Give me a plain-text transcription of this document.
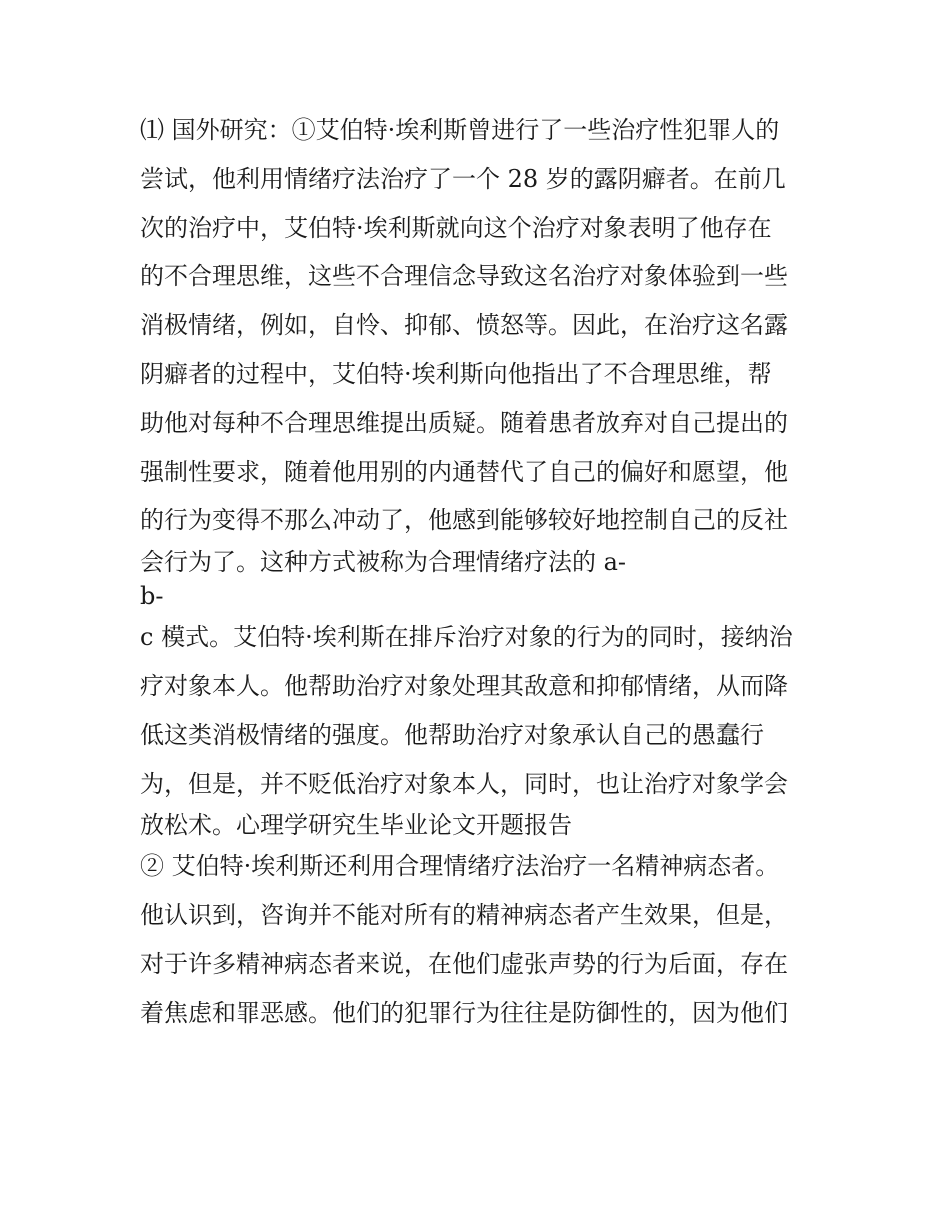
⑴ 国外研究：①艾伯特·埃利斯曾进行了一些治疗性犯罪人的
尝试，他利用情绪疗法治疗了一个 28 岁的露阴癖者。在前几
次的治疗中，艾伯特·埃利斯就向这个治疗对象表明了他存在
的不合理思维，这些不合理信念导致这名治疗对象体验到一些
消极情绪，例如，自怜、抑郁、愤怒等。因此，在治疗这名露
阴癖者的过程中，艾伯特·埃利斯向他指出了不合理思维，帮
助他对每种不合理思维提出质疑。随着患者放弃对自己提出的
强制性要求，随着他用别的内通替代了自己的偏好和愿望，他
的行为变得不那么冲动了，他感到能够较好地控制自己的反社
会行为了。这种方式被称为合理情绪疗法的 a-
b-
c 模式。艾伯特·埃利斯在排斥治疗对象的行为的同时，接纳治
疗对象本人。他帮助治疗对象处理其敌意和抑郁情绪，从而降
低这类消极情绪的强度。他帮助治疗对象承认自己的愚蠢行
为，但是，并不贬低治疗对象本人，同时，也让治疗对象学会
放松术。心理学研究生毕业论文开题报告
② 艾伯特·埃利斯还利用合理情绪疗法治疗一名精神病态者。
他认识到，咨询并不能对所有的精神病态者产生效果，但是，
对于许多精神病态者来说，在他们虚张声势的行为后面，存在
着焦虑和罪恶感。他们的犯罪行为往往是防御性的，因为他们
